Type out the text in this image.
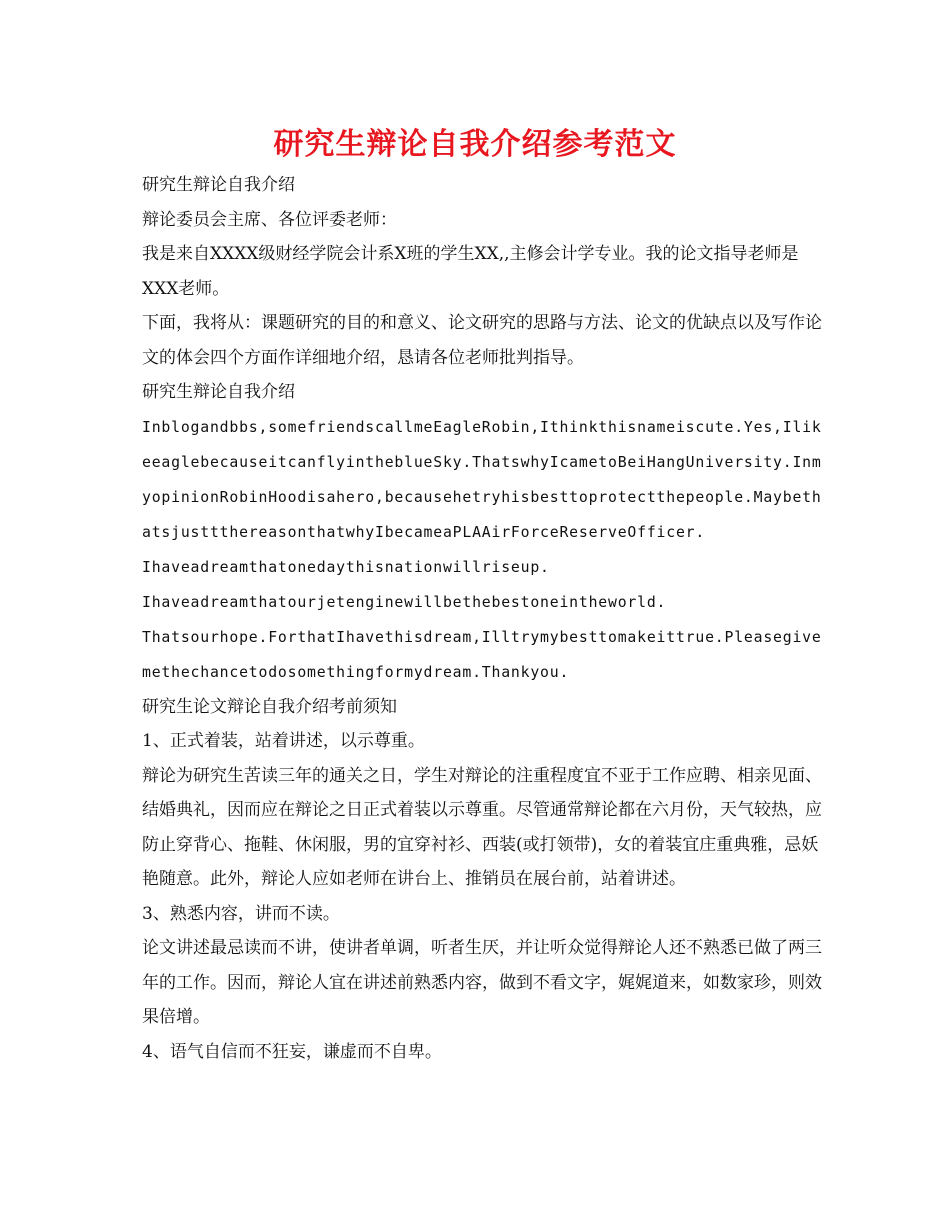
研究生辩论自我介绍参考范文

研究生辩论自我介绍

辩论委员会主席、各位评委老师：

我是来自XXXX级财经学院会计系X班的学生XX,,主修会计学专业。我的论文指导老师是XXX老师。

下面，我将从：课题研究的目的和意义、论文研究的思路与方法、论文的优缺点以及写作论文的体会四个方面作详细地介绍，恳请各位老师批判指导。

研究生辩论自我介绍

Inblogandbbs,somefriendscallmeEagleRobin,Ithinkthisnameiscute.Yes,IlikeeaglebecauseitcanflyintheblueSky.ThatswhyIcametoBeiHangUniversity.InmyopinionRobinHoodisahero,becausehetryhisbesttoprotectthepeople.MaybethatsjusttthereasonthatwhyIbecameaPLAAirForceReserveOfficer.

Ihaveadreamthatonedaythisnationwillriseup.

Ihaveadreamthatourjetenginewillbethebestoneintheworld.

Thatsourhope.ForthatIhavethisdream,Illtrymybesttomakeittrue.Pleasegivemethechancetodosomethingformydream.Thankyou.

研究生论文辩论自我介绍考前须知

1、正式着装，站着讲述，以示尊重。

辩论为研究生苦读三年的通关之日，学生对辩论的注重程度宜不亚于工作应聘、相亲见面、结婚典礼，因而应在辩论之日正式着装以示尊重。尽管通常辩论都在六月份，天气较热，应防止穿背心、拖鞋、休闲服，男的宜穿衬衫、西装(或打领带)，女的着装宜庄重典雅，忌妖艳随意。此外，辩论人应如老师在讲台上、推销员在展台前，站着讲述。

3、熟悉内容，讲而不读。

论文讲述最忌读而不讲，使讲者单调，听者生厌，并让听众觉得辩论人还不熟悉已做了两三年的工作。因而，辩论人宜在讲述前熟悉内容，做到不看文字，娓娓道来，如数家珍，则效果倍增。

4、语气自信而不狂妄，谦虚而不自卑。
